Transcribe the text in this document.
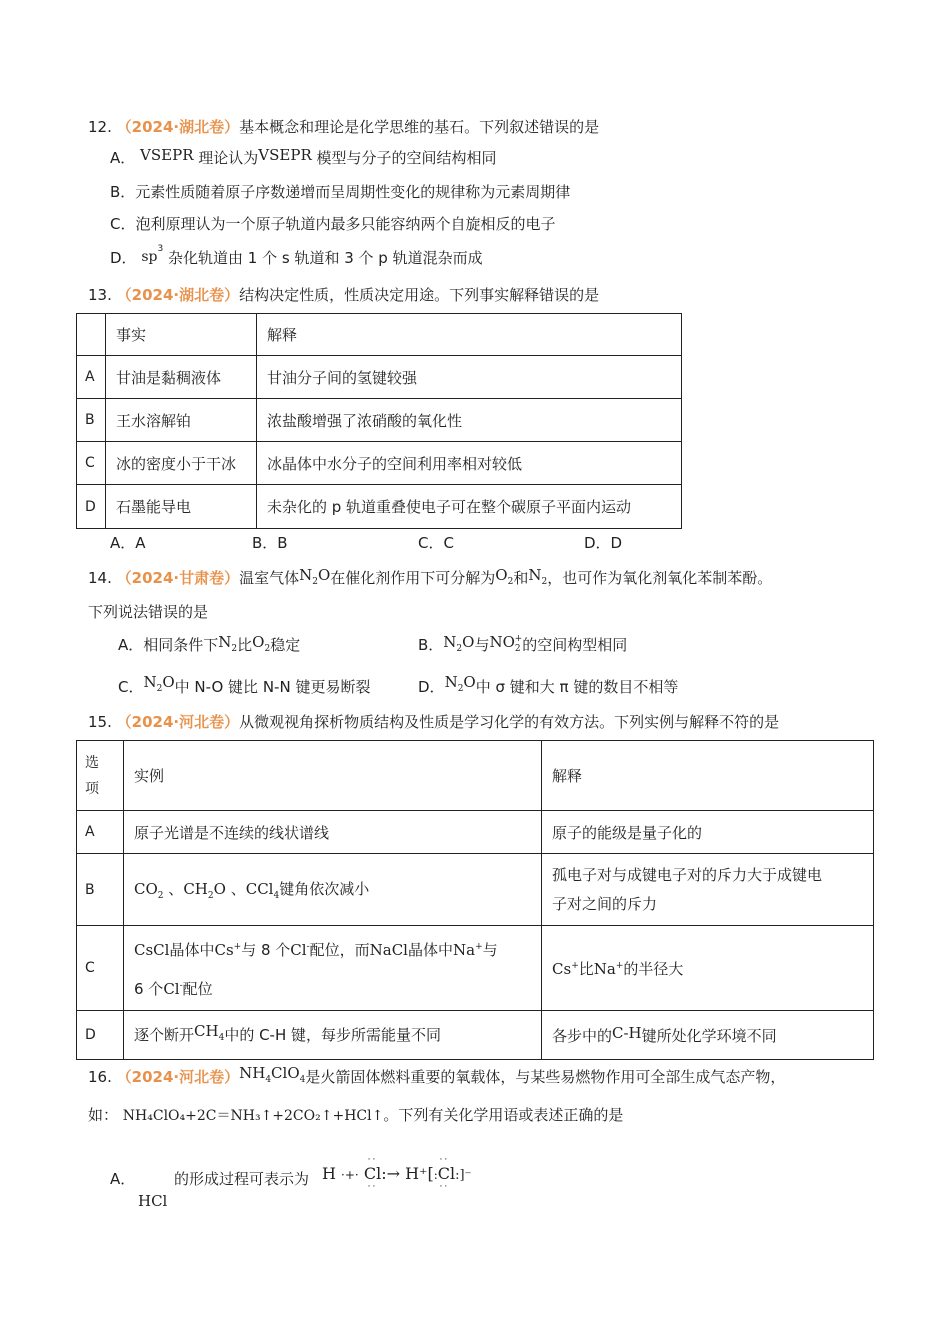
12. （2024·湖北卷）基本概念和理论是化学思维的基石。下列叙述错误的是
A． VSEPR 理论认为VSEPR 模型与分子的空间结构相同
B．元素性质随着原子序数递增而呈周期性变化的规律称为元素周期律
C．泡利原理认为一个原子轨道内最多只能容纳两个自旋相反的电子
D． $sp^3$ 杂化轨道由 1 个 s 轨道和 3 个 p 轨道混杂而成
13. （2024·湖北卷）结构决定性质，性质决定用途。下列事实解释错误的是
	事实	解释
A	甘油是黏稠液体	甘油分子间的氢键较强
B	王水溶解铂	浓盐酸增强了浓硝酸的氧化性
C	冰的密度小于干冰	冰晶体中水分子的空间利用率相对较低
D	石墨能导电	未杂化的 p 轨道重叠使电子可在整个碳原子平面内运动
A．A	B．B	C．C	D．D
14. （2024·甘肃卷）温室气体$N_2O$在催化剂作用下可分解为$O_2$和$N_2$，也可作为氧化剂氧化苯制苯酚。
下列说法错误的是
A．相同条件下$N_2$比$O_2$稳定	B．$N_2O$与$NO_2^+$的空间构型相同
C．$N_2O$中 N-O 键比 N-N 键更易断裂	D．$N_2O$中 σ 键和大 π 键的数目不相等
15. （2024·河北卷）从微观视角探析物质结构及性质是学习化学的有效方法。下列实例与解释不符的是
选
项	实例	解释
A	原子光谱是不连续的线状谱线	原子的能级是量子化的
B	$CO_2$ 、$CH_2O$ 、CCl$_4$键角依次减小	孤电子对与成键电子对的斥力大于成键电
子对之间的斥力
C	CsCl晶体中Cs+与 8 个Cl-配位，而NaCl晶体中Na+与
6 个Cl-配位	Cs+比Na+的半径大
D	逐个断开$CH_4$中的 C-H 键，每步所需能量不同	各步中的C-H键所处化学环境不同
16. （2024·河北卷）$NH_4ClO_4$是火箭固体燃料重要的氧载体，与某些易燃物作用可全部生成气态产物，
如： NH₄ClO₄+2C＝NH₃↑+2CO₂↑+HCl↑。下列有关化学用语或表述正确的是
A．	的形成过程可表示为 H ·+·
··
Cl
··
:→ H⁺[
··
:Cl
··
:]⁻
HCl
